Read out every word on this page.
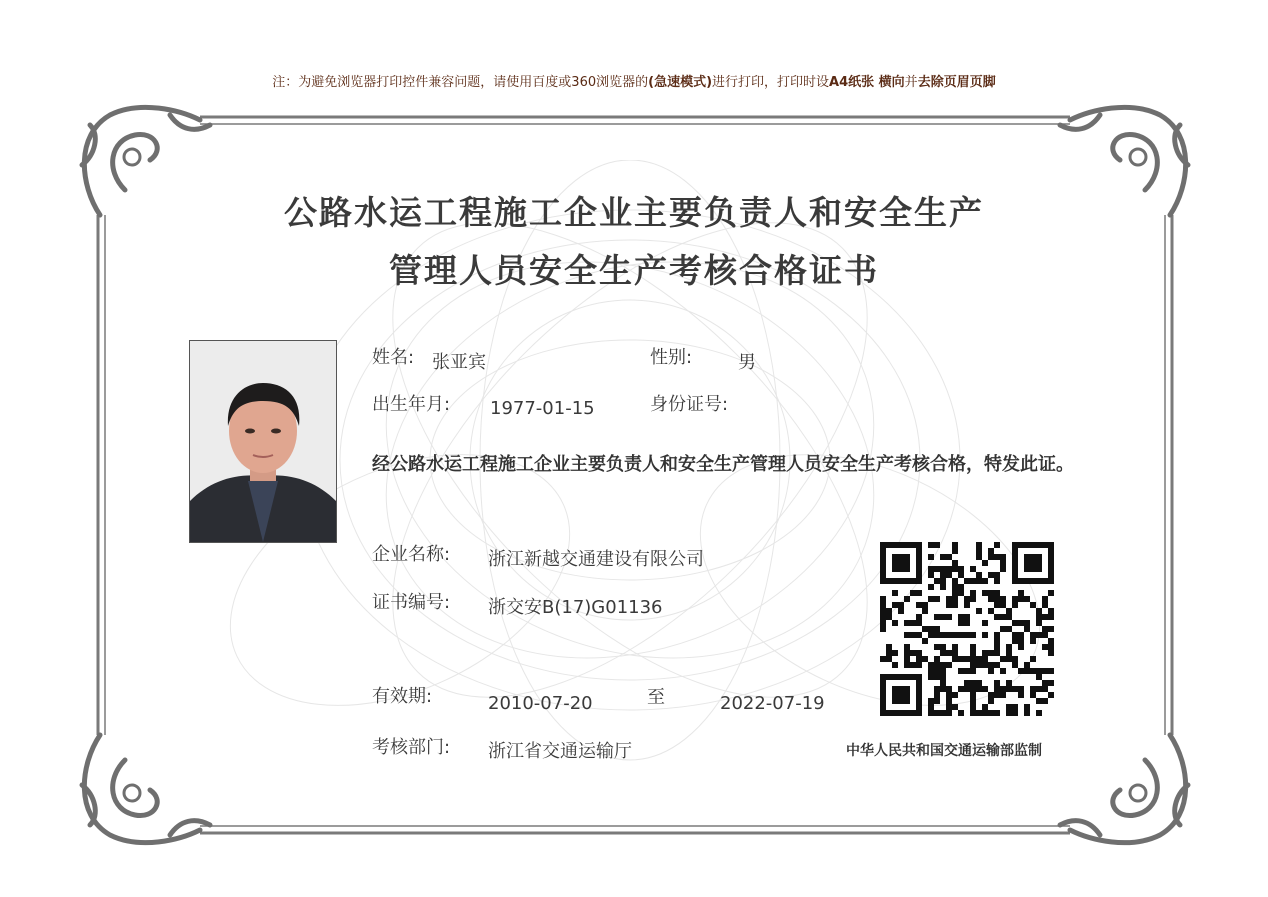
注：为避免浏览器打印控件兼容问题，请使用百度或360浏览器的(急速模式)进行打印，打印时设A4纸张 横向并去除页眉页脚
公路水运工程施工企业主要负责人和安全生产
管理人员安全生产考核合格证书
姓名: 张亚宾	性别:	男
出生年月: 1977-01-15	身份证号:
经公路水运工程施工企业主要负责人和安全生产管理人员安全生产考核合格，特发此证。
企业名称: 浙江新越交通建设有限公司
证书编号: 浙交安B(17)G01136
有效期:	2010-07-20	至	2022-07-19
考核部门: 浙江省交通运输厅	中华人民共和国交通运输部监制
